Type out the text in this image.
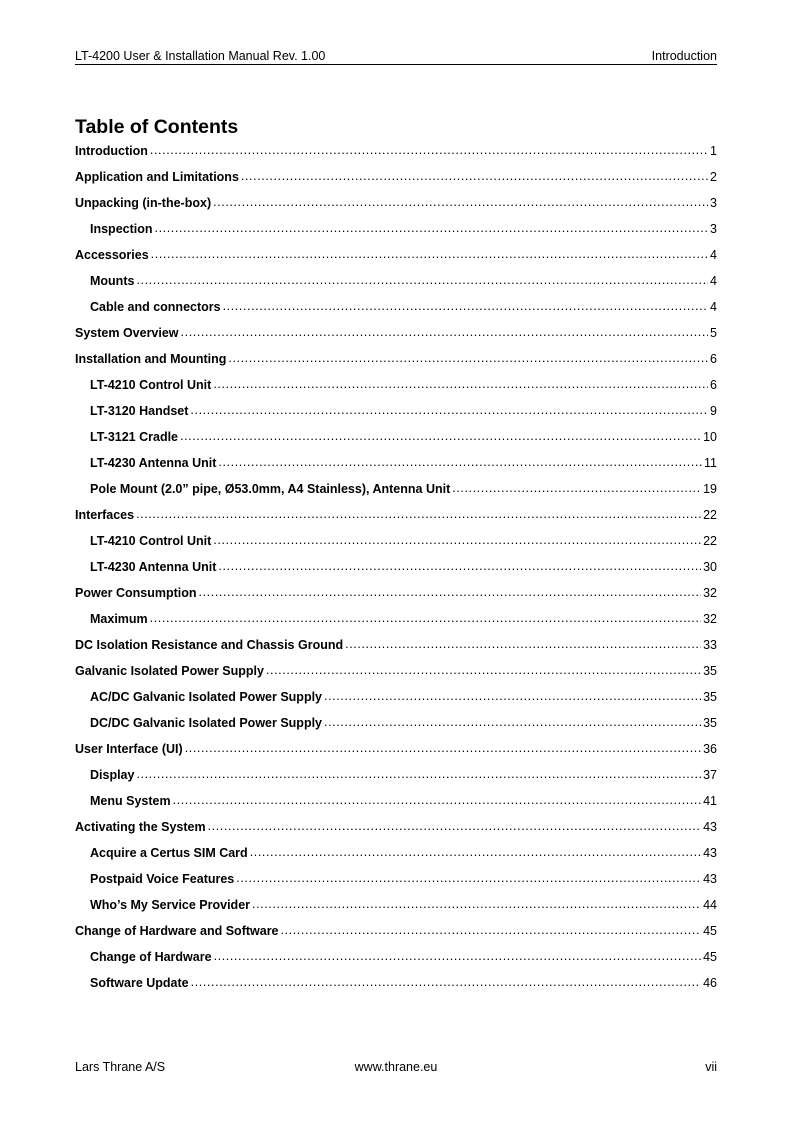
LT-4200 User & Installation Manual Rev. 1.00	Introduction
Table of Contents
Introduction .....	1
Application and Limitations .....	2
Unpacking (in-the-box) .....	3
Inspection .....	3
Accessories .....	4
Mounts .....	4
Cable and connectors .....	4
System Overview .....	5
Installation and Mounting .....	6
LT-4210 Control Unit .....	6
LT-3120 Handset .....	9
LT-3121 Cradle .....	10
LT-4230 Antenna Unit .....	11
Pole Mount (2.0” pipe, Ø53.0mm, A4 Stainless), Antenna Unit .....	19
Interfaces .....	22
LT-4210 Control Unit .....	22
LT-4230 Antenna Unit .....	30
Power Consumption .....	32
Maximum .....	32
DC Isolation Resistance and Chassis Ground .....	33
Galvanic Isolated Power Supply .....	35
AC/DC Galvanic Isolated Power Supply .....	35
DC/DC Galvanic Isolated Power Supply .....	35
User Interface (UI) .....	36
Display .....	37
Menu System .....	41
Activating the System .....	43
Acquire a Certus SIM Card .....	43
Postpaid Voice Features .....	43
Who’s My Service Provider .....	44
Change of Hardware and Software .....	45
Change of Hardware .....	45
Software Update .....	46
Lars Thrane A/S	www.thrane.eu	vii
